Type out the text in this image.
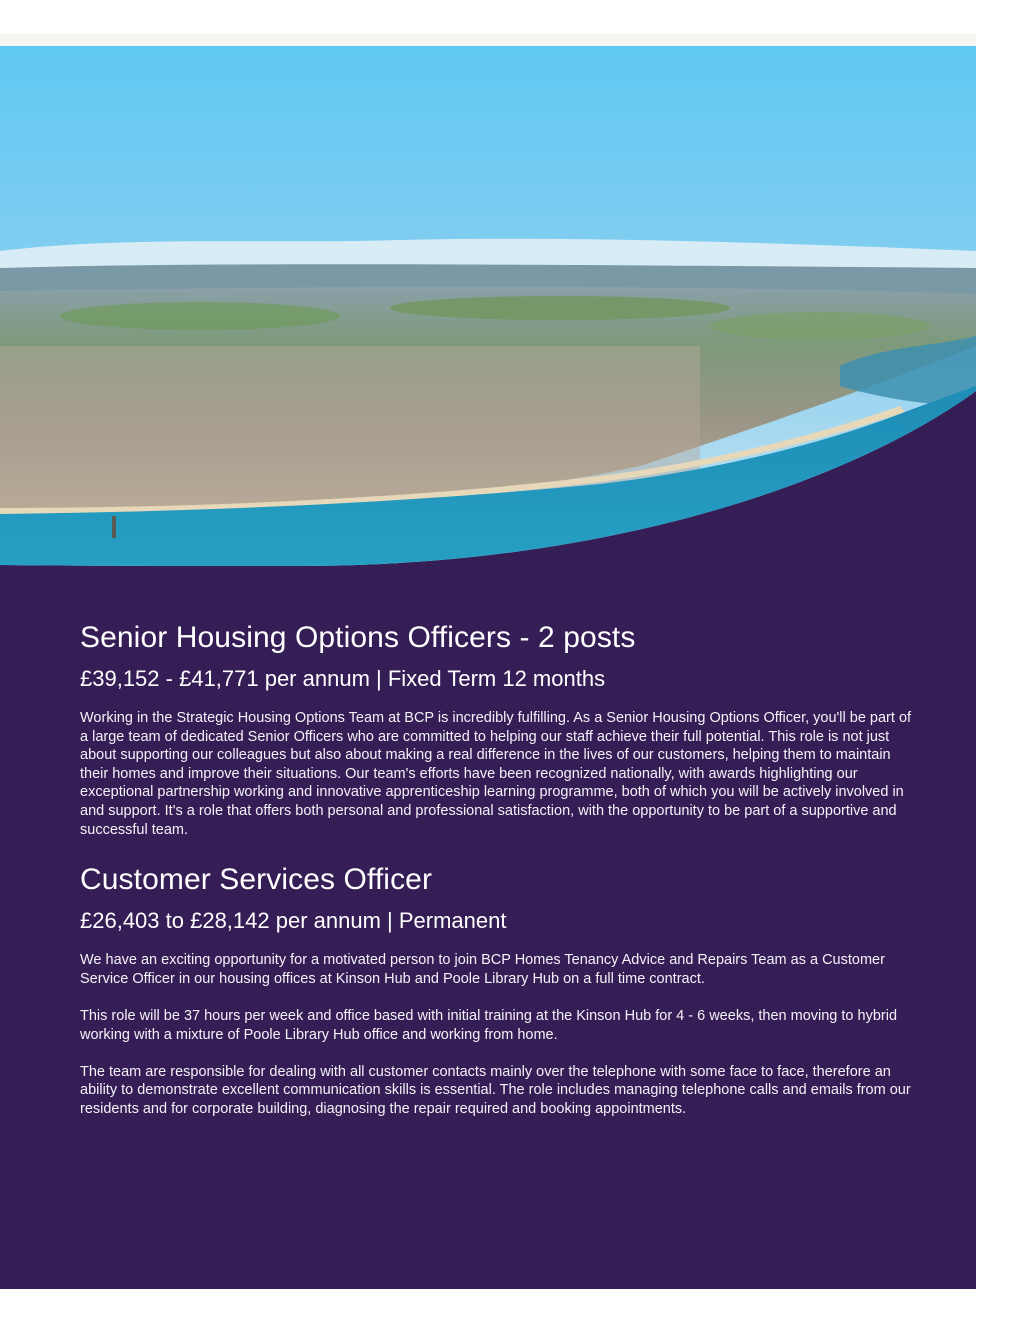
Senior Housing Options Officers - 2 posts
£39,152 - £41,771 per annum | Fixed Term 12 months

Working in the Strategic Housing Options Team at BCP is incredibly fulfilling. As a Senior Housing Options Officer, you'll be part of a large team of dedicated Senior Officers who are committed to helping our staff achieve their full potential. This role is not just about supporting our colleagues but also about making a real difference in the lives of our customers, helping them to maintain their homes and improve their situations. Our team's efforts have been recognized nationally, with awards highlighting our exceptional partnership working and innovative apprenticeship learning programme, both of which you will be actively involved in and support. It's a role that offers both personal and professional satisfaction, with the opportunity to be part of a supportive and successful team.

Customer Services Officer
£26,403 to £28,142 per annum | Permanent

We have an exciting opportunity for a motivated person to join BCP Homes Tenancy Advice and Repairs Team as a Customer Service Officer in our housing offices at Kinson Hub and Poole Library Hub on a full time contract.

This role will be 37 hours per week and office based with initial training at the Kinson Hub for 4 - 6 weeks, then moving to hybrid working with a mixture of Poole Library Hub office and working from home.

The team are responsible for dealing with all customer contacts mainly over the telephone with some face to face, therefore an ability to demonstrate excellent communication skills is essential. The role includes managing telephone calls and emails from our residents and for corporate building, diagnosing the repair required and booking appointments.
